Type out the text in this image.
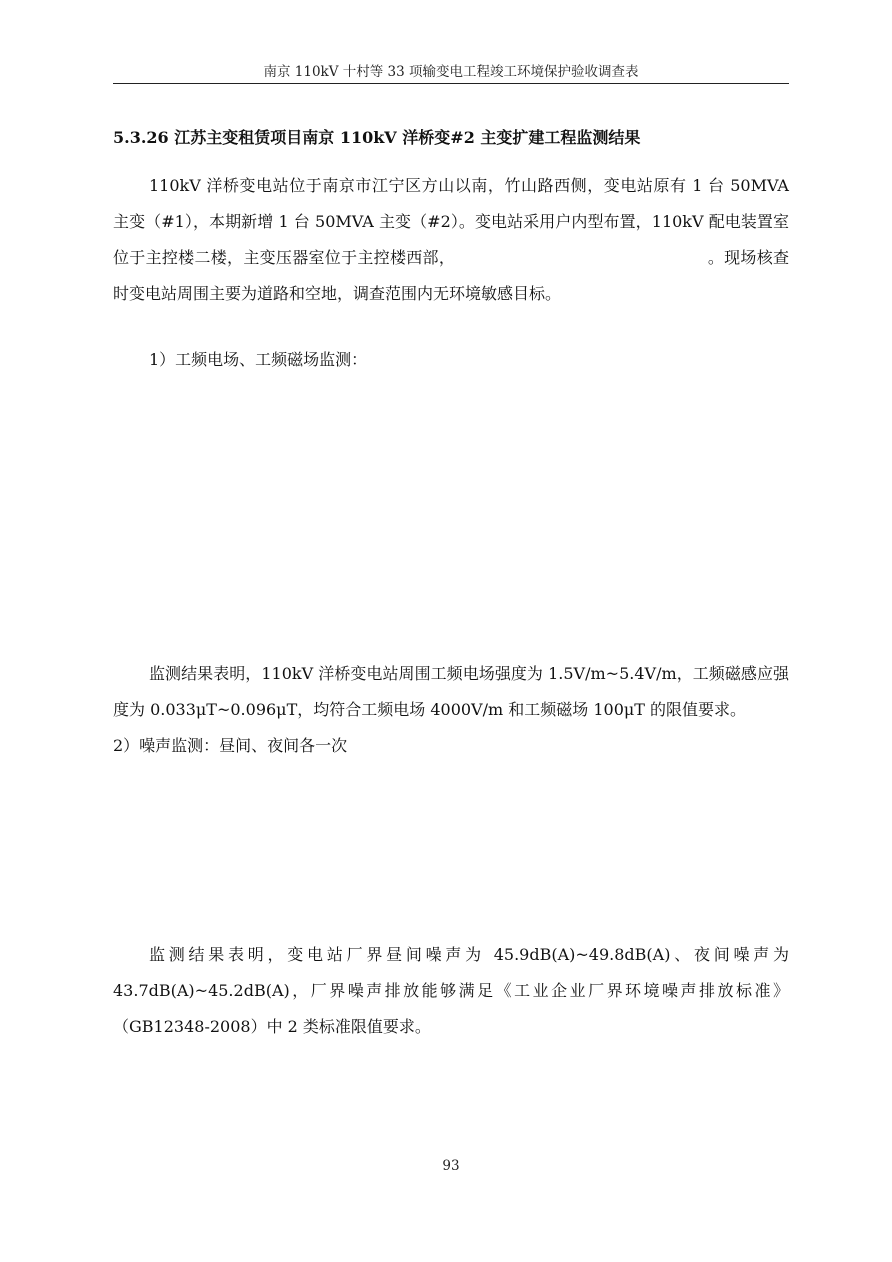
南京 110kV 十村等 33 项输变电工程竣工环境保护验收调查表
5.3.26 江苏主变租赁项目南京 110kV 洋桥变#2 主变扩建工程监测结果

110kV 洋桥变电站位于南京市江宁区方山以南，竹山路西侧，变电站原有 1 台 50MVA 主变（#1），本期新增 1 台 50MVA 主变（#2）。变电站采用户内型布置，110kV 配电装置室位于主控楼二楼，主变压器室位于主控楼西部，　　　　　　　　　　　　　　　　。现场核查时变电站周围主要为道路和空地，调查范围内无环境敏感目标。

1）工频电场、工频磁场监测：

监测结果表明，110kV 洋桥变电站周围工频电场强度为 1.5V/m~5.4V/m，工频磁感应强度为 0.033μT~0.096μT，均符合工频电场 4000V/m 和工频磁场 100μT 的限值要求。

2）噪声监测：昼间、夜间各一次

监测结果表明，变电站厂界昼间噪声为 45.9dB(A)~49.8dB(A)、夜间噪声为 43.7dB(A)~45.2dB(A)，厂界噪声排放能够满足《工业企业厂界环境噪声排放标准》（GB12348-2008）中 2 类标准限值要求。

93
